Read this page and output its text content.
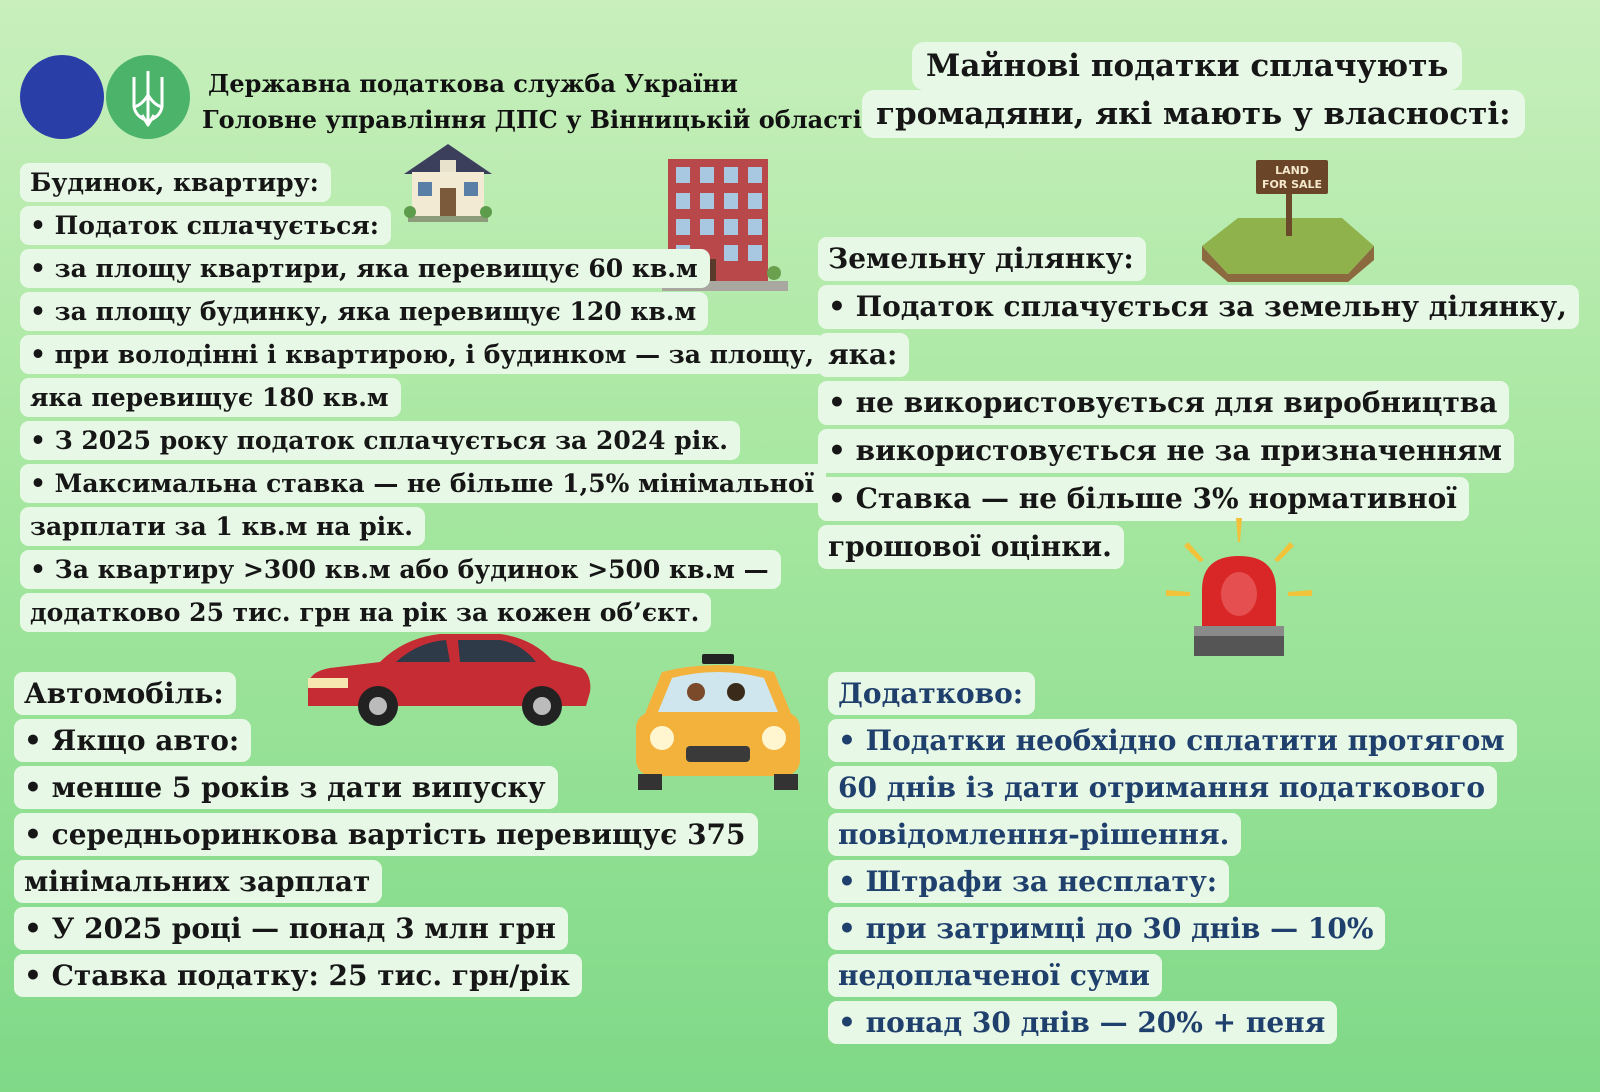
Державна податкова служба України
Головне управління ДПС у Вінницькій області
Майнові податки сплачують
громадяни, які мають у власності:
Будинок, квартиру:
• Податок сплачується:
• за площу квартири, яка перевищує 60 кв.м
• за площу будинку, яка перевищує 120 кв.м
• при володінні і квартирою, і будинком — за площу,
яка перевищує 180 кв.м
• З 2025 року податок сплачується за 2024 рік.
• Максимальна ставка — не більше 1,5% мінімальної
зарплати за 1 кв.м на рік.
• За квартиру >300 кв.м або будинок >500 кв.м —
додатково 25 тис. грн на рік за кожен об’єкт.
LAND
FOR SALE
Земельну ділянку:
• Податок сплачується за земельну ділянку,
яка:
• не використовується для виробництва
• використовується не за призначенням
• Ставка — не більше 3% нормативної
грошової оцінки.
Автомобіль:
• Якщо авто:
• менше 5 років з дати випуску
• середньоринкова вартість перевищує 375
мінімальних зарплат
• У 2025 році — понад 3 млн грн
• Ставка податку: 25 тис. грн/рік
Додатково:
• Податки необхідно сплатити протягом
60 днів із дати отримання податкового
повідомлення-рішення.
• Штрафи за несплату:
• при затримці до 30 днів — 10%
недоплаченої суми
• понад 30 днів — 20% + пеня
